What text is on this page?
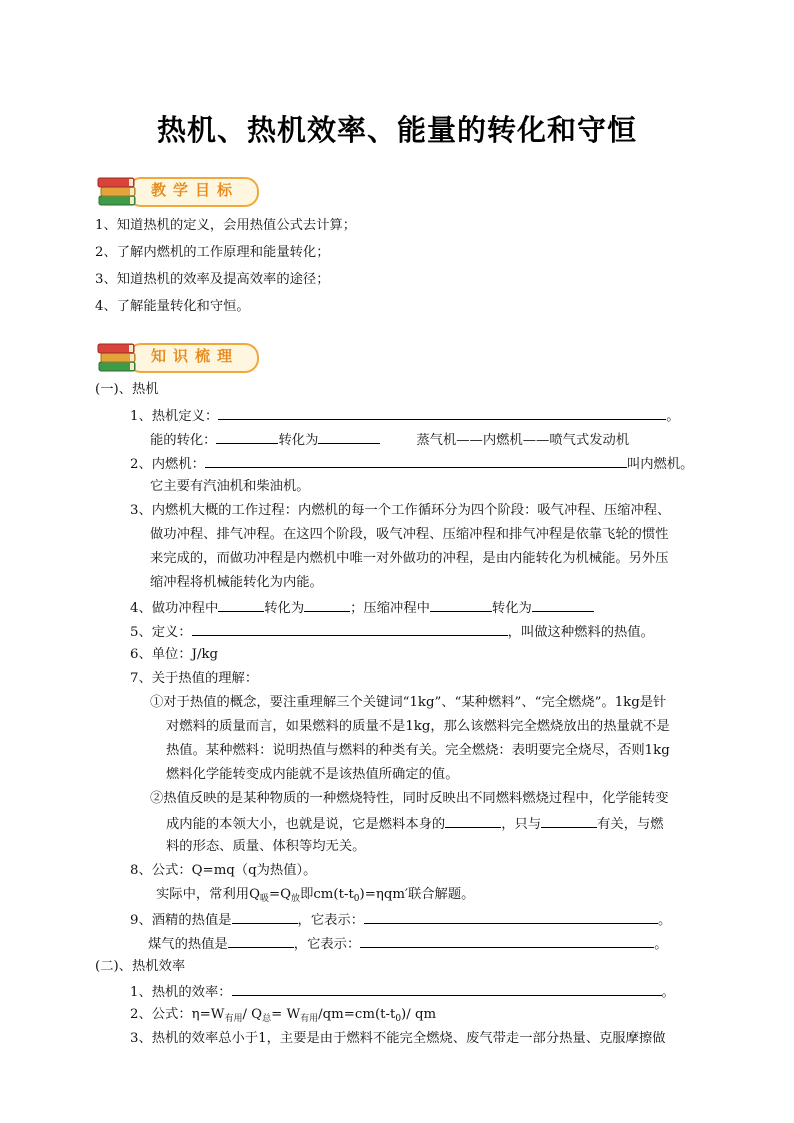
热机、热机效率、能量的转化和守恒
教学目标
1、知道热机的定义，会用热值公式去计算；
2、了解内燃机的工作原理和能量转化；
3、知道热机的效率及提高效率的途径；
4、了解能量转化和守恒。
知识梳理
(一)、热机
1、热机定义：	。
能的转化：	转化为	蒸气机——内燃机——喷气式发动机
2、内燃机：	叫内燃机。
它主要有汽油机和柴油机。
3、内燃机大概的工作过程：内燃机的每一个工作循环分为四个阶段：吸气冲程、压缩冲程、
做功冲程、排气冲程。在这四个阶段，吸气冲程、压缩冲程和排气冲程是依靠飞轮的惯性
来完成的，而做功冲程是内燃机中唯一对外做功的冲程，是由内能转化为机械能。另外压
缩冲程将机械能转化为内能。
4、做功冲程中	转化为	；压缩冲程中	转化为
5、定义：	，叫做这种燃料的热值。
6、单位：J/kg
7、关于热值的理解：
①对于热值的概念，要注重理解三个关键词“1kg”、“某种燃料”、“完全燃烧”。1kg是针
对燃料的质量而言，如果燃料的质量不是1kg，那么该燃料完全燃烧放出的热量就不是
热值。某种燃料：说明热值与燃料的种类有关。完全燃烧：表明要完全烧尽，否则1kg
燃料化学能转变成内能就不是该热值所确定的值。
②热值反映的是某种物质的一种燃烧特性，同时反映出不同燃料燃烧过程中，化学能转变
成内能的本领大小，也就是说，它是燃料本身的	，只与	有关，与燃
料的形态、质量、体积等均无关。
8、公式：Q=mq（q为热值）。
实际中，常利用$Q_吸=Q_放$即$cm(t-t_0)=\eta qm'$联合解题。
9、酒精的热值是	，它表示：	。
煤气的热值是	，它表示：	。
(二)、热机效率
1、热机的效率：	。
2、公式：$\eta=W_{有用}/$ $Q_总= W_{有用}/qm=cm(t-t_0)/$ qm
3、热机的效率总小于1，主要是由于燃料不能完全燃烧、废气带走一部分热量、克服摩擦做
